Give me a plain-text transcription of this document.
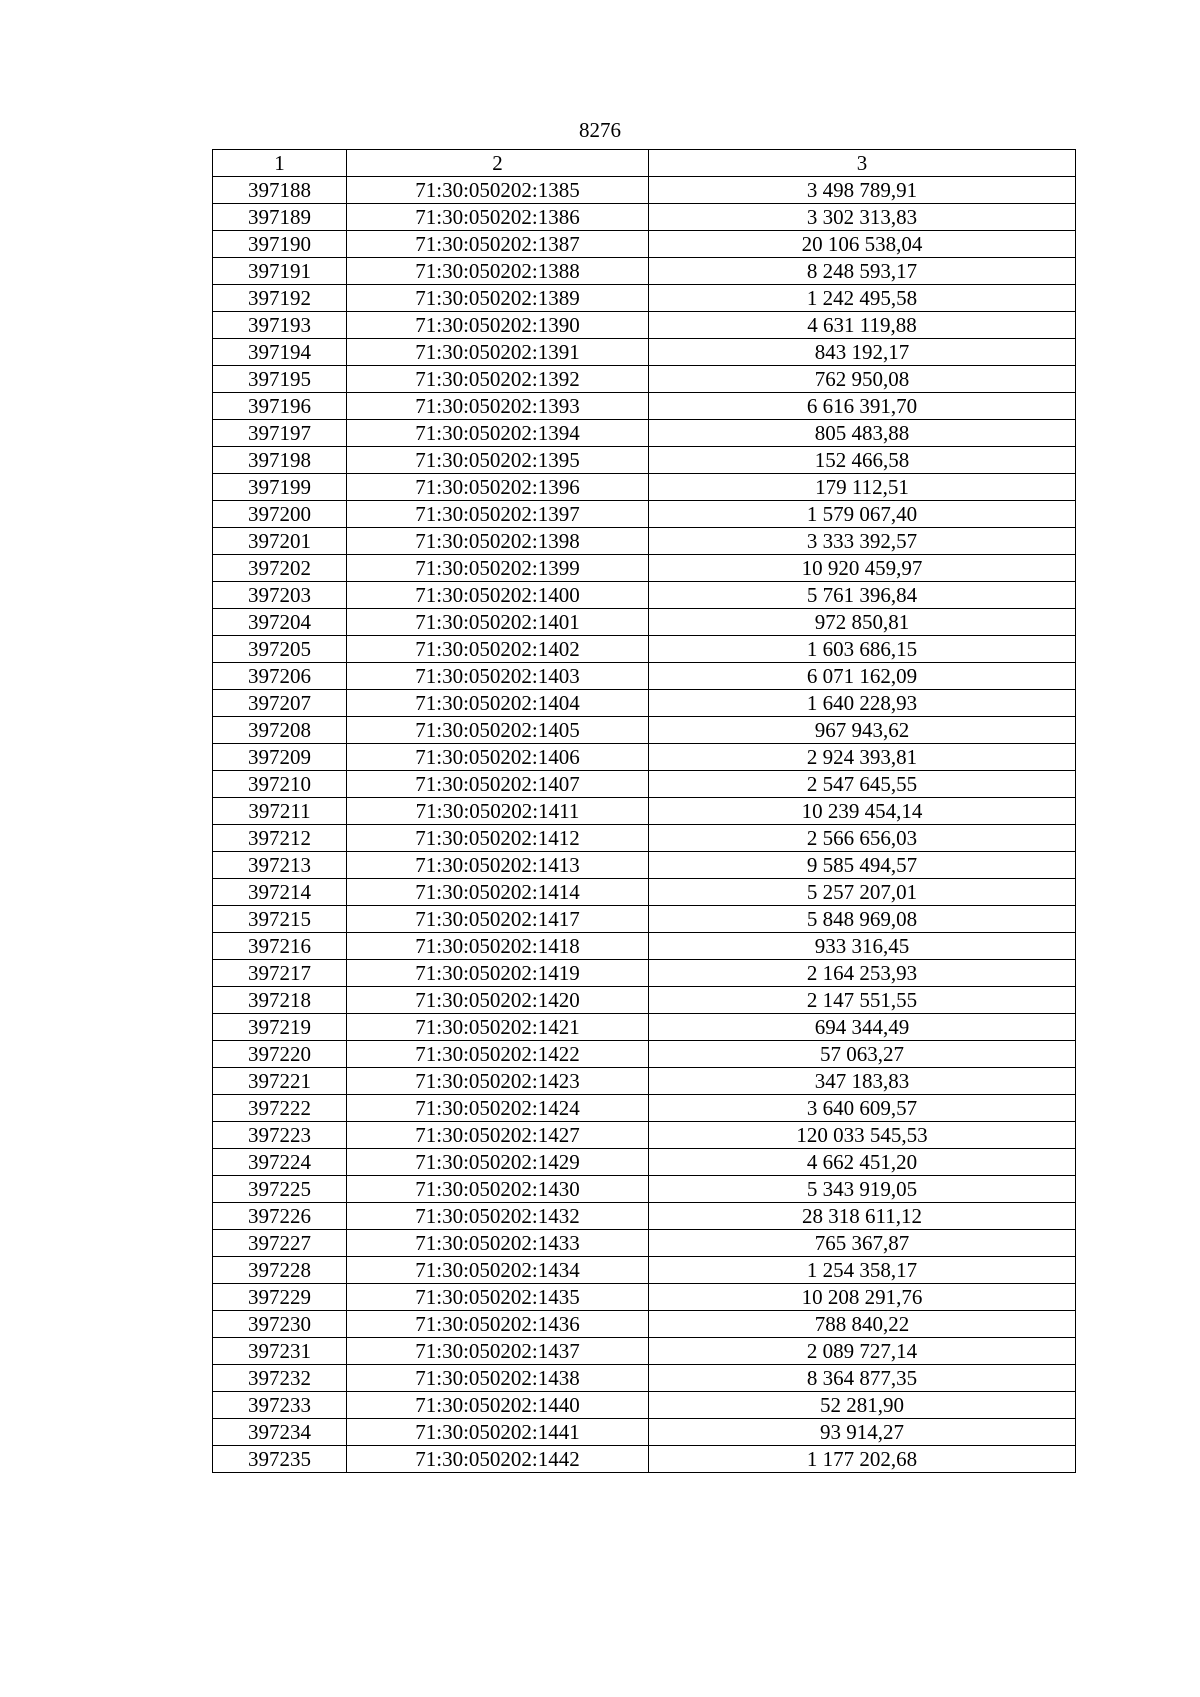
8276
1	2	3
397188	71:30:050202:1385	3 498 789,91
397189	71:30:050202:1386	3 302 313,83
397190	71:30:050202:1387	20 106 538,04
397191	71:30:050202:1388	8 248 593,17
397192	71:30:050202:1389	1 242 495,58
397193	71:30:050202:1390	4 631 119,88
397194	71:30:050202:1391	843 192,17
397195	71:30:050202:1392	762 950,08
397196	71:30:050202:1393	6 616 391,70
397197	71:30:050202:1394	805 483,88
397198	71:30:050202:1395	152 466,58
397199	71:30:050202:1396	179 112,51
397200	71:30:050202:1397	1 579 067,40
397201	71:30:050202:1398	3 333 392,57
397202	71:30:050202:1399	10 920 459,97
397203	71:30:050202:1400	5 761 396,84
397204	71:30:050202:1401	972 850,81
397205	71:30:050202:1402	1 603 686,15
397206	71:30:050202:1403	6 071 162,09
397207	71:30:050202:1404	1 640 228,93
397208	71:30:050202:1405	967 943,62
397209	71:30:050202:1406	2 924 393,81
397210	71:30:050202:1407	2 547 645,55
397211	71:30:050202:1411	10 239 454,14
397212	71:30:050202:1412	2 566 656,03
397213	71:30:050202:1413	9 585 494,57
397214	71:30:050202:1414	5 257 207,01
397215	71:30:050202:1417	5 848 969,08
397216	71:30:050202:1418	933 316,45
397217	71:30:050202:1419	2 164 253,93
397218	71:30:050202:1420	2 147 551,55
397219	71:30:050202:1421	694 344,49
397220	71:30:050202:1422	57 063,27
397221	71:30:050202:1423	347 183,83
397222	71:30:050202:1424	3 640 609,57
397223	71:30:050202:1427	120 033 545,53
397224	71:30:050202:1429	4 662 451,20
397225	71:30:050202:1430	5 343 919,05
397226	71:30:050202:1432	28 318 611,12
397227	71:30:050202:1433	765 367,87
397228	71:30:050202:1434	1 254 358,17
397229	71:30:050202:1435	10 208 291,76
397230	71:30:050202:1436	788 840,22
397231	71:30:050202:1437	2 089 727,14
397232	71:30:050202:1438	8 364 877,35
397233	71:30:050202:1440	52 281,90
397234	71:30:050202:1441	93 914,27
397235	71:30:050202:1442	1 177 202,68
